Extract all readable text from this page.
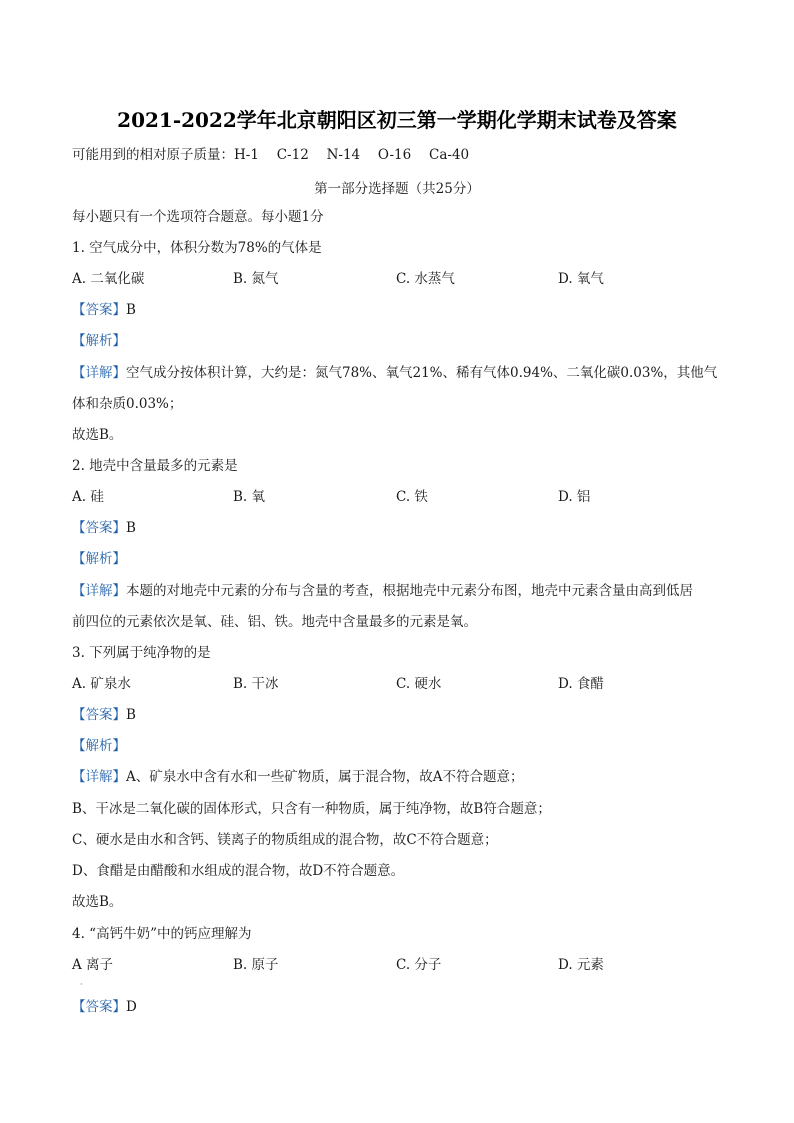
2021-2022学年北京朝阳区初三第一学期化学期末试卷及答案
可能用到的相对原子质量：H-1　 C-12　 N-14　 O-16　 Ca-40
第一部分选择题（共25分）
每小题只有一个选项符合题意。每小题1分
1. 空气成分中，体积分数为78%的气体是
A. 二氧化碳	B. 氮气	C. 水蒸气	D. 氧气
【答案】B
【解析】
【详解】空气成分按体积计算，大约是：氮气78%、氧气21%、稀有气体0.94%、二氧化碳0.03%，其他气
体和杂质0.03%；
故选B。
2. 地壳中含量最多的元素是
A. 硅	B. 氧	C. 铁	D. 铝
【答案】B
【解析】
【详解】本题的对地壳中元素的分布与含量的考查，根据地壳中元素分布图，地壳中元素含量由高到低居
前四位的元素依次是氧、硅、铝、铁。地壳中含量最多的元素是氧。
3. 下列属于纯净物的是
A. 矿泉水	B. 干冰	C. 硬水	D. 食醋
【答案】B
【解析】
【详解】A、矿泉水中含有水和一些矿物质，属于混合物，故A不符合题意；
B、干冰是二氧化碳的固体形式，只含有一种物质，属于纯净物，故B符合题意；
C、硬水是由水和含钙、镁离子的物质组成的混合物，故C不符合题意；
D、食醋是由醋酸和水组成的混合物，故D不符合题意。
故选B。
4. “高钙牛奶”中的钙应理解为
A 离子	B. 原子	C. 分子	D. 元素
·
【答案】D
